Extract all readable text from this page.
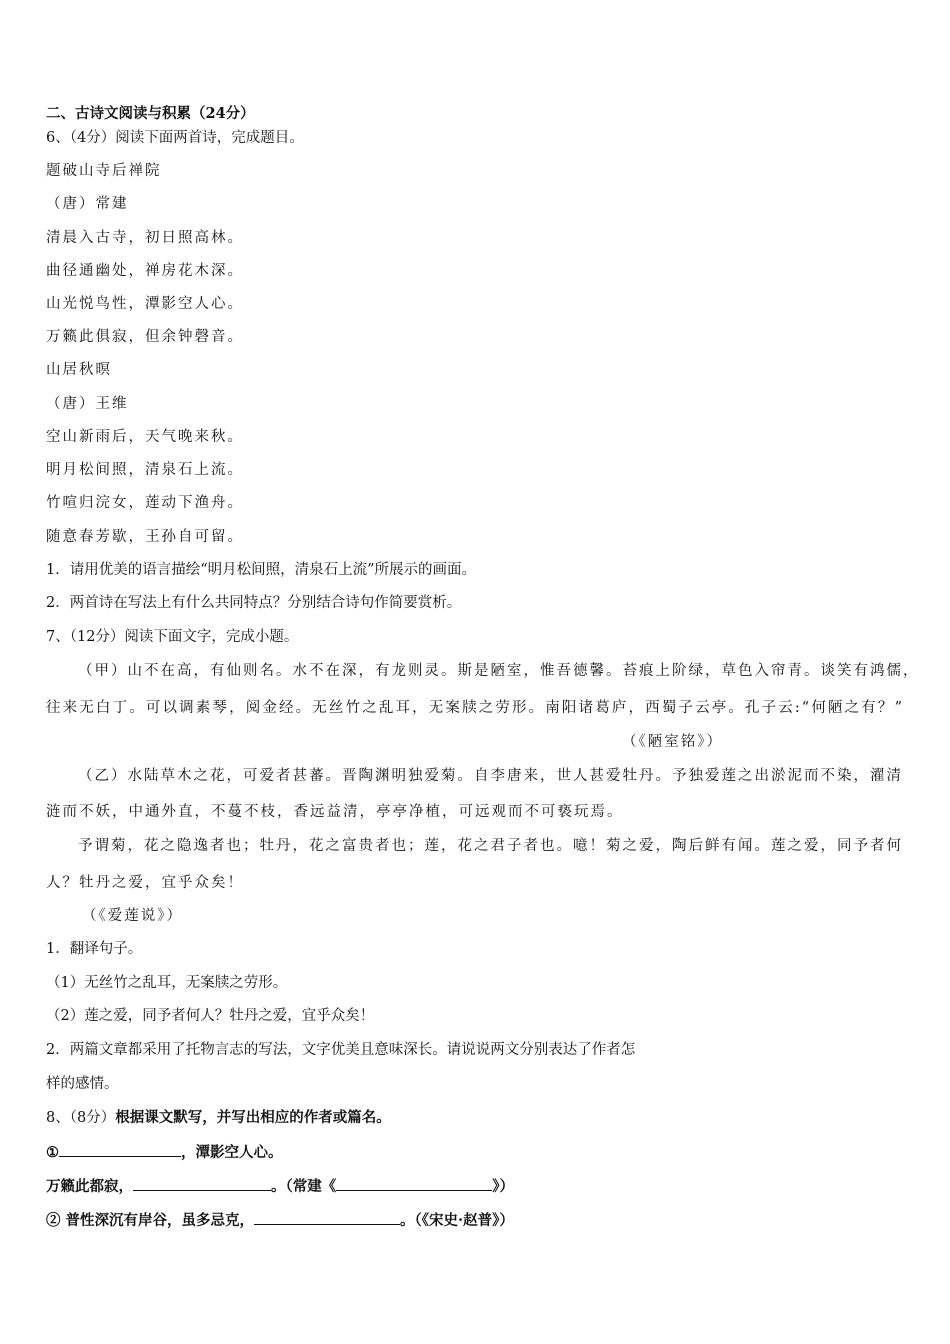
二、古诗文阅读与积累（24分）

6、（4分）阅读下面两首诗，完成题目。

题破山寺后禅院

（唐）常建

清晨入古寺，初日照高林。

曲径通幽处，禅房花木深。

山光悦鸟性，潭影空人心。

万籁此俱寂，但余钟磬音。

山居秋暝

（唐）王维

空山新雨后，天气晚来秋。

明月松间照，清泉石上流。

竹喧归浣女，莲动下渔舟。

随意春芳歇，王孙自可留。

1．请用优美的语言描绘“明月松间照，清泉石上流”所展示的画面。

2．两首诗在写法上有什么共同特点？分别结合诗句作简要赏析。

7、（12分）阅读下面文字，完成小题。

（甲）山不在高，有仙则名。水不在深，有龙则灵。斯是陋室，惟吾德馨。苔痕上阶绿，草色入帘青。谈笑有鸿儒，

往来无白丁。可以调素琴，阅金经。无丝竹之乱耳，无案牍之劳形。南阳诸葛庐，西蜀子云亭。孔子云:“何陋之有？”

（《陋室铭》）

（乙）水陆草木之花，可爱者甚蕃。晋陶渊明独爱菊。自李唐来，世人甚爱牡丹。予独爱莲之出淤泥而不染，濯清

涟而不妖，中通外直，不蔓不枝，香远益清，亭亭净植，可远观而不可亵玩焉。

予谓菊，花之隐逸者也；牡丹，花之富贵者也；莲，花之君子者也。噫！菊之爱，陶后鲜有闻。莲之爱，同予者何

人？牡丹之爱，宜乎众矣！

（《爱莲说》）

1．翻译句子。

（1）无丝竹之乱耳，无案牍之劳形。

（2）莲之爱，同予者何人？牡丹之爱，宜乎众矣！

2．两篇文章都采用了托物言志的写法，文字优美且意味深长。请说说两文分别表达了作者怎

样的感情。

8、（8分）根据课文默写，并写出相应的作者或篇名。

①	，潭影空人心。

万籁此都寂，	。（常建《	》）

② 普性深沉有岸谷，虽多忌克，	。（《宋史·赵普》）
